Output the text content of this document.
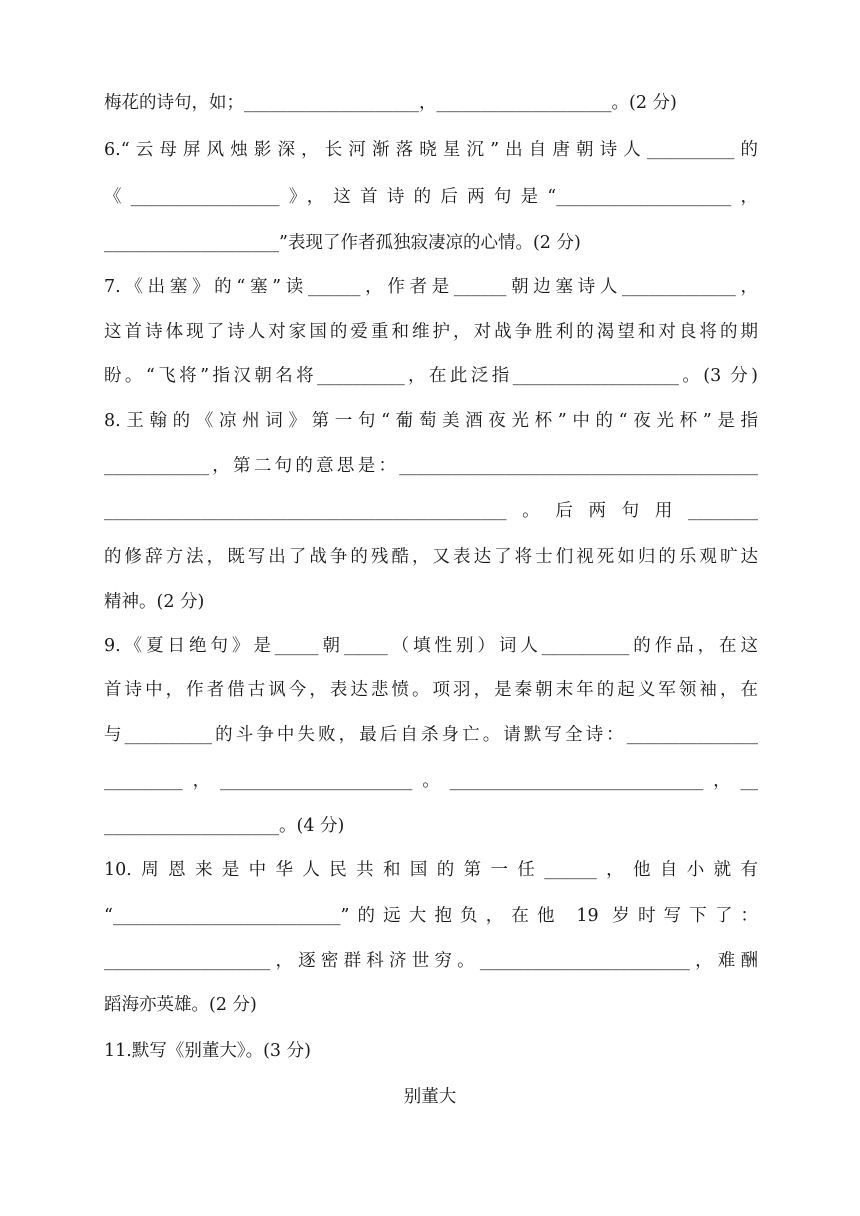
梅花的诗句，如；____________________，____________________。(2 分)
6.“云母屏风烛影深，长河渐落晓星沉”出自唐朝诗人__________的
《_________________》，这首诗的后两句是“____________________，
____________________”表现了作者孤独寂凄凉的心情。(2 分)
7.《出塞》的“塞”读______，作者是______朝边塞诗人_____________，
这首诗体现了诗人对家国的爱重和维护，对战争胜利的渴望和对良将的期
盼。“飞将”指汉朝名将__________，在此泛指___________________。(3 分)
8.王翰的《凉州词》第一句“葡萄美酒夜光杯”中的“夜光杯”是指
____________，第二句的意思是：_________________________________________
______________________________________________。后两句用________
的修辞方法，既写出了战争的残酷，又表达了将士们视死如归的乐观旷达
精神。(2 分)
9.《夏日绝句》是_____朝_____（填性别）词人__________的作品，在这
首诗中，作者借古讽今，表达悲愤。项羽，是秦朝末年的起义军领袖，在
与__________的斗争中失败，最后自杀身亡。请默写全诗：_______________
_________，______________________。_____________________________，__
____________________。(4 分)
10.周恩来是中华人民共和国的第一任______，他自小就有
“__________________________”的远大抱负，在他 19 岁时写下了：
___________________，逐密群科济世穷。________________________，难酬
蹈海亦英雄。(2 分)
11.默写《别董大》。(3 分)
别董大
